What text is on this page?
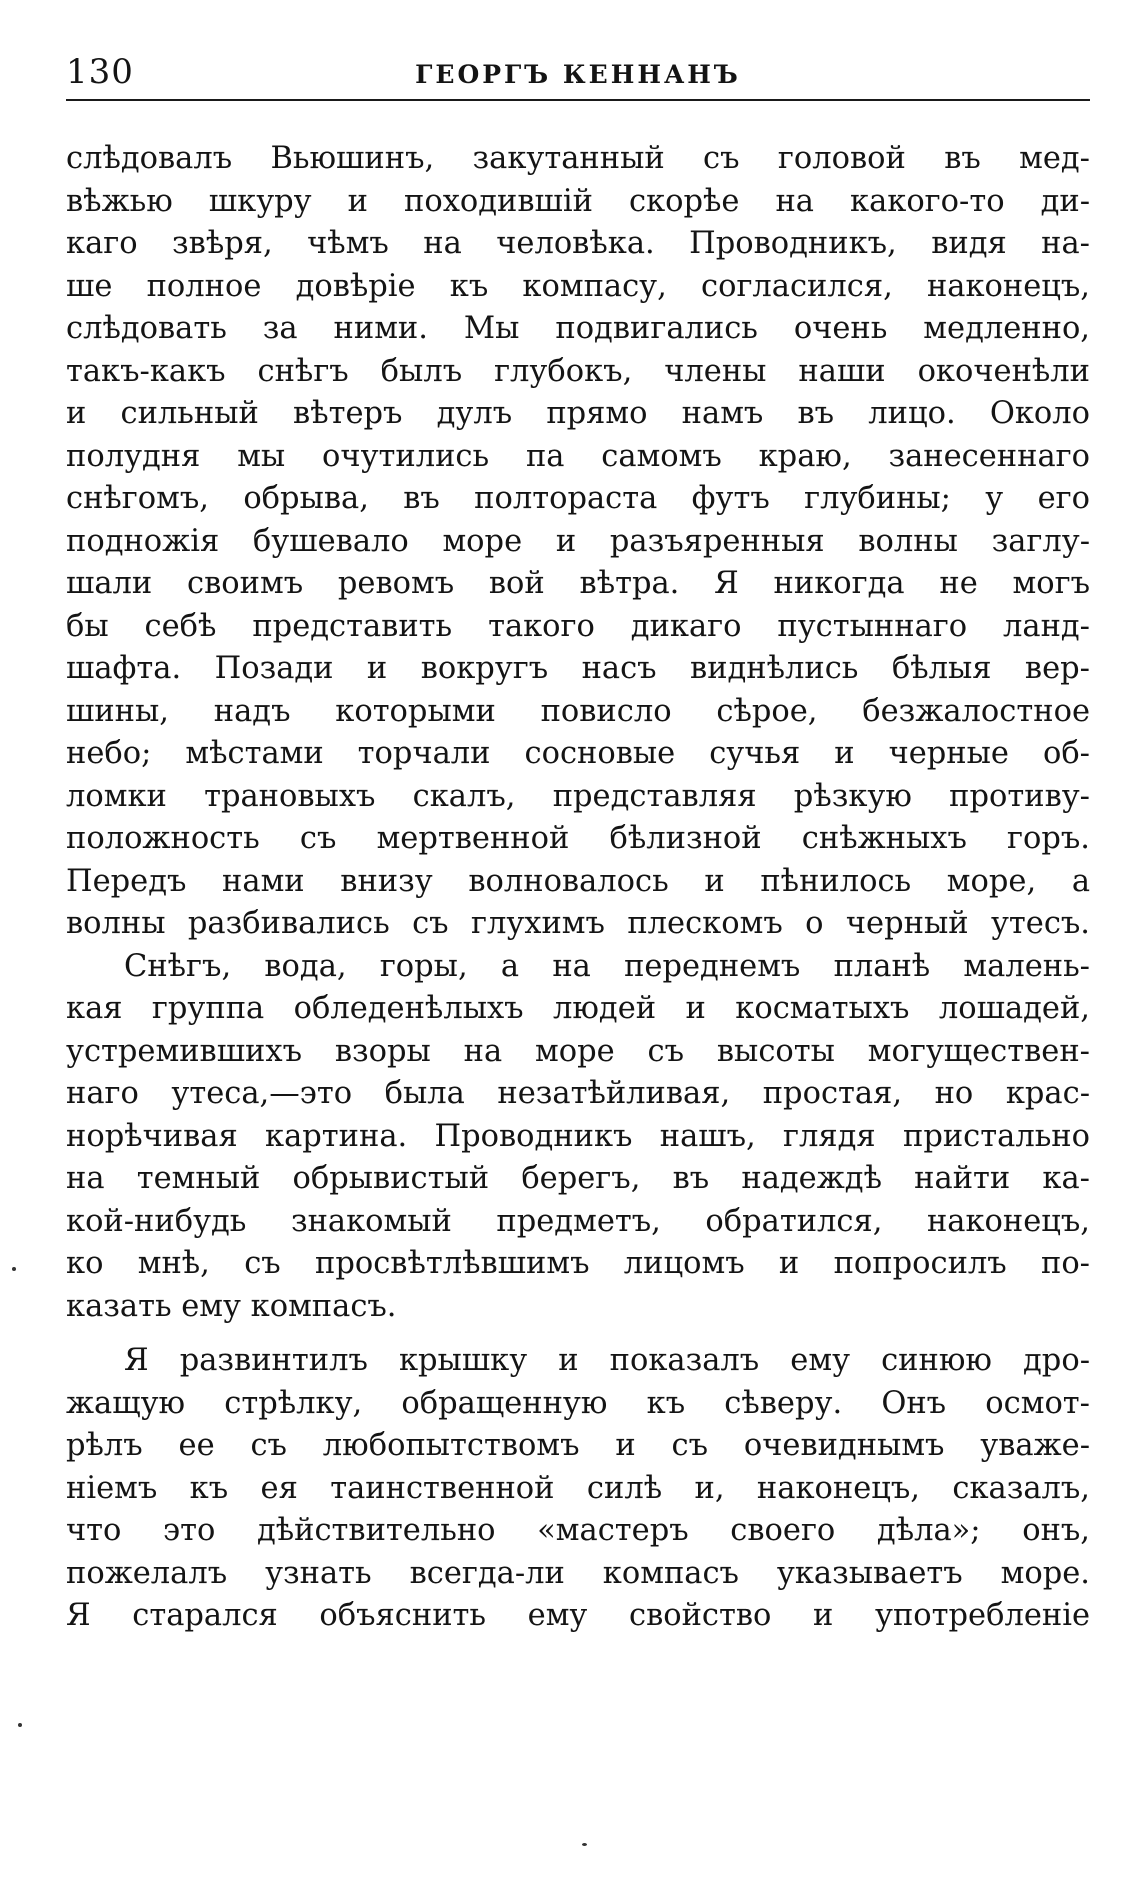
130	ГЕОРГЪ КЕННАНЪ
слѣдовалъ Вьюшинъ, закутанный съ головой въ мед-
вѣжью шкуру и походившій скорѣе на какого-то ди-
каго звѣря, чѣмъ на человѣка. Проводникъ, видя на-
ше полное довѣріе къ компасу, согласился, наконецъ,
слѣдовать за ними. Мы подвигались очень медленно,
такъ-какъ снѣгъ былъ глубокъ, члены наши окоченѣли
и сильный вѣтеръ дулъ прямо намъ въ лицо. Около
полудня мы очутились па самомъ краю, занесеннаго
снѣгомъ, обрыва, въ полтораста футъ глубины; у его
подножія бушевало море и разъяренныя волны заглу-
шали своимъ ревомъ вой вѣтра. Я никогда не могъ
бы себѣ представить такого дикаго пустыннаго ланд-
шафта. Позади и вокругъ насъ виднѣлись бѣлыя вер-
шины, надъ которыми повисло сѣрое, безжалостное
небо; мѣстами торчали сосновые сучья и черные об-
ломки трановыхъ скалъ, представляя рѣзкую противу-
положность съ мертвенной бѣлизной снѣжныхъ горъ.
Передъ нами внизу волновалось и пѣнилось море, а
волны разбивались съ глухимъ плескомъ о черный утесъ.
Снѣгъ, вода, горы, а на переднемъ планѣ малень-
кая группа обледенѣлыхъ людей и косматыхъ лошадей,
устремившихъ взоры на море съ высоты могуществен-
наго утеса,—это была незатѣйливая, простая, но крас-
норѣчивая картина. Проводникъ нашъ, глядя пристально
на темный обрывистый берегъ, въ надеждѣ найти ка-
кой-нибудь знакомый предметъ, обратился, наконецъ,
ко мнѣ, съ просвѣтлѣвшимъ лицомъ и попросилъ по-
казать ему компасъ.
Я развинтилъ крышку и показалъ ему синюю дро-
жащую стрѣлку, обращенную къ сѣверу. Онъ осмот-
рѣлъ ее съ любопытствомъ и съ очевиднымъ уваже-
ніемъ къ ея таинственной силѣ и, наконецъ, сказалъ,
что это дѣйствительно «мастеръ своего дѣла»; онъ,
пожелалъ узнать всегда-ли компасъ указываетъ море.
Я старался объяснить ему свойство и употребленіе
